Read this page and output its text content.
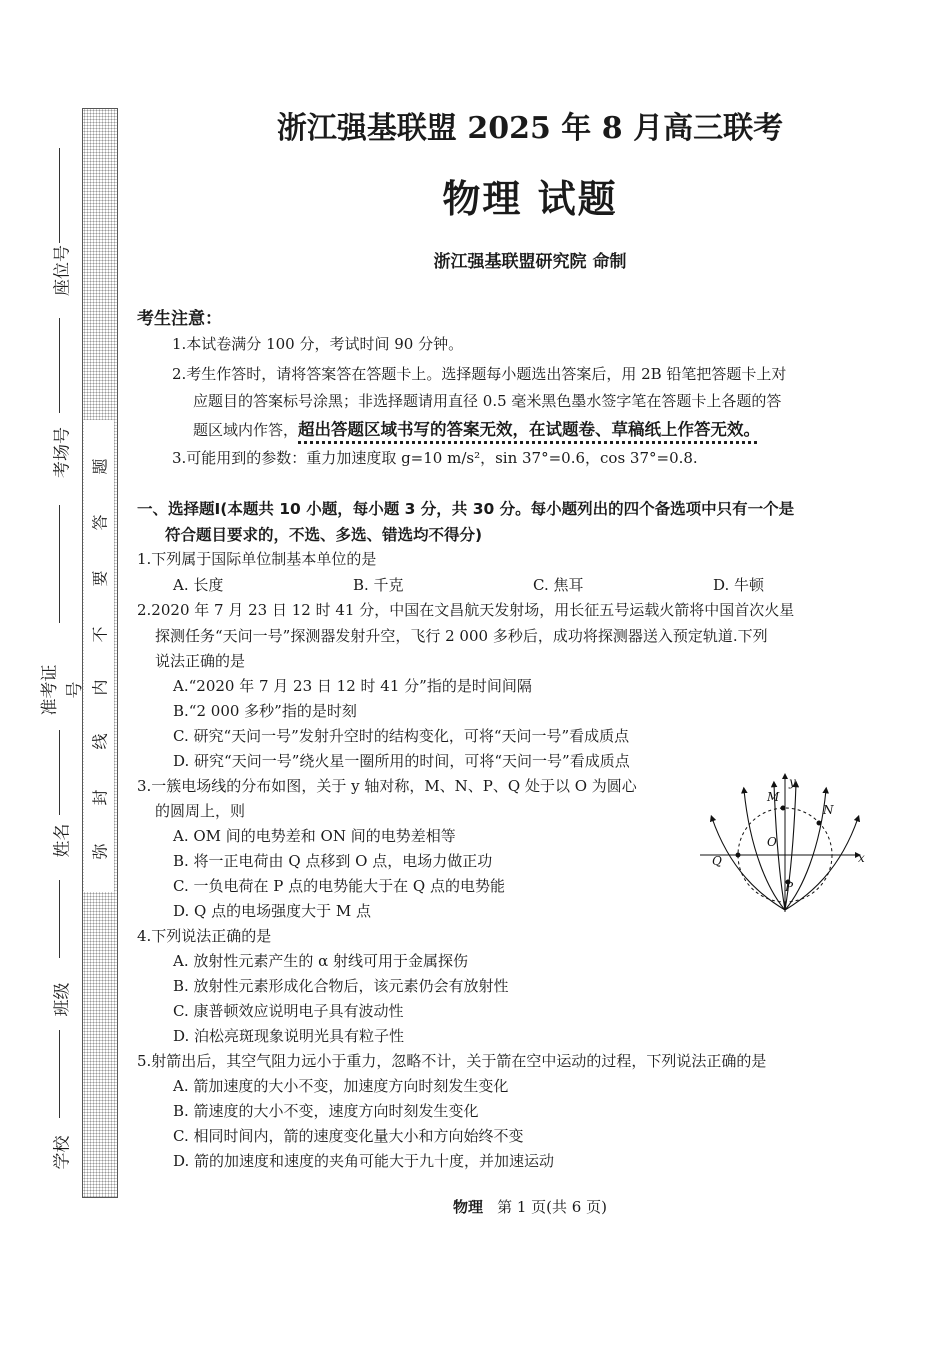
题
答
要
不
内
线
封
弥
座位号
考场号
准考证号
姓名
班级
学校
浙江强基联盟 2025 年 8 月高三联考
物理 试题
浙江强基联盟研究院 命制
考生注意：
1.本试卷满分 100 分，考试时间 90 分钟。
2.考生作答时，请将答案答在答题卡上。选择题每小题选出答案后，用 2B 铅笔把答题卡上对
应题目的答案标号涂黑；非选择题请用直径 0.5 毫米黑色墨水签字笔在答题卡上各题的答
题区域内作答，超出答题区域书写的答案无效，在试题卷、草稿纸上作答无效。
3.可能用到的参数：重力加速度取 g=10 m/s²，sin 37°=0.6，cos 37°=0.8.
一、选择题Ⅰ(本题共 10 小题，每小题 3 分，共 30 分。每小题列出的四个备选项中只有一个是
符合题目要求的，不选、多选、错选均不得分)
1.下列属于国际单位制基本单位的是
A. 长度	B. 千克	C. 焦耳	D. 牛顿
2.2020 年 7 月 23 日 12 时 41 分，中国在文昌航天发射场，用长征五号运载火箭将中国首次火星
探测任务“天问一号”探测器发射升空，飞行 2 000 多秒后，成功将探测器送入预定轨道.下列
说法正确的是
A.“2020 年 7 月 23 日 12 时 41 分”指的是时间间隔
B.“2 000 多秒”指的是时刻
C. 研究“天问一号”发射升空时的结构变化，可将“天问一号”看成质点
D. 研究“天问一号”绕火星一圈所用的时间，可将“天问一号”看成质点
3.一簇电场线的分布如图，关于 y 轴对称，M、N、P、Q 处于以 O 为圆心
的圆周上，则
A. OM 间的电势差和 ON 间的电势差相等
B. 将一正电荷由 Q 点移到 O 点，电场力做正功
C. 一负电荷在 P 点的电势能大于在 Q 点的电势能
D. Q 点的电场强度大于 M 点
y
x
M
N
O
Q
P
4.下列说法正确的是
A. 放射性元素产生的 α 射线可用于金属探伤
B. 放射性元素形成化合物后，该元素仍会有放射性
C. 康普顿效应说明电子具有波动性
D. 泊松亮斑现象说明光具有粒子性
5.射箭出后，其空气阻力远小于重力，忽略不计，关于箭在空中运动的过程，下列说法正确的是
A. 箭加速度的大小不变，加速度方向时刻发生变化
B. 箭速度的大小不变，速度方向时刻发生变化
C. 相同时间内，箭的速度变化量大小和方向始终不变
D. 箭的加速度和速度的夹角可能大于九十度，并加速运动
物理 第 1 页(共 6 页)
